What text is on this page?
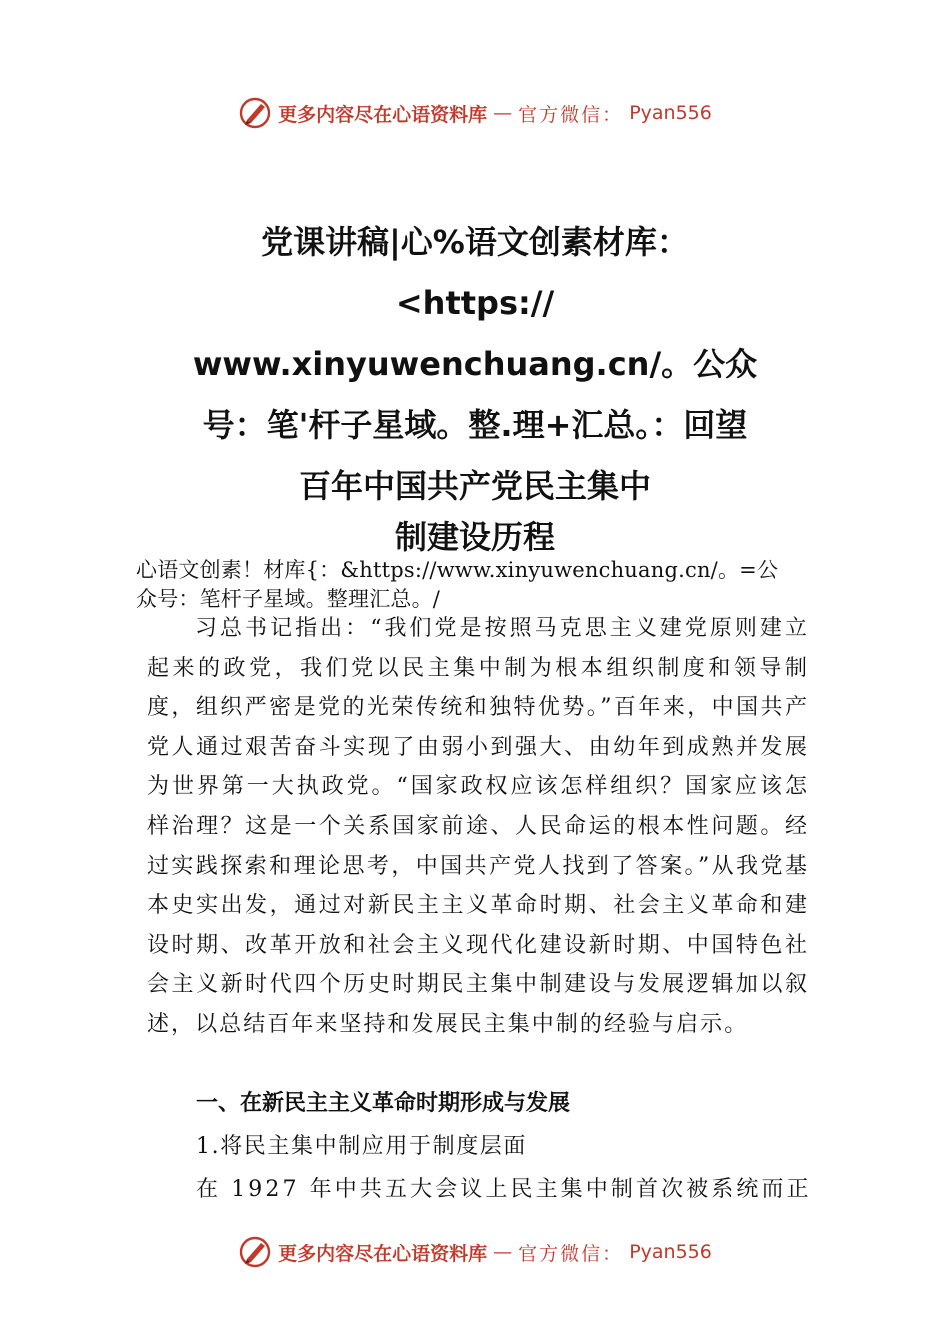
更多内容尽在心语资料库 — 官方微信： Pyan556
党课讲稿|心%语文创素材库：
<https://
www.xinyuwenchuang.cn/。公众
号：笔'杆子星域。整.理+汇总。：回望
百年中国共产党民主集中
制建设历程
心语文创素！材库{：&https://www.xinyuwenchuang.cn/。=公
众号：笔杆子星域。整理汇总。/

习总书记指出：“我们党是按照马克思主义建党原则建立起来的政党，我们党以民主集中制为根本组织制度和领导制度，组织严密是党的光荣传统和独特优势。”百年来，中国共产党人通过艰苦奋斗实现了由弱小到强大、由幼年到成熟并发展为世界第一大执政党。“国家政权应该怎样组织？国家应该怎样治理？这是一个关系国家前途、人民命运的根本性问题。经过实践探索和理论思考，中国共产党人找到了答案。”从我党基本史实出发，通过对新民主主义革命时期、社会主义革命和建设时期、改革开放和社会主义现代化建设新时期、中国特色社会主义新时代四个历史时期民主集中制建设与发展逻辑加以叙述，以总结百年来坚持和发展民主集中制的经验与启示。

一、在新民主主义革命时期形成与发展
1.将民主集中制应用于制度层面
在 1927 年中共五大会议上民主集中制首次被系统而正
更多内容尽在心语资料库 — 官方微信： Pyan556
